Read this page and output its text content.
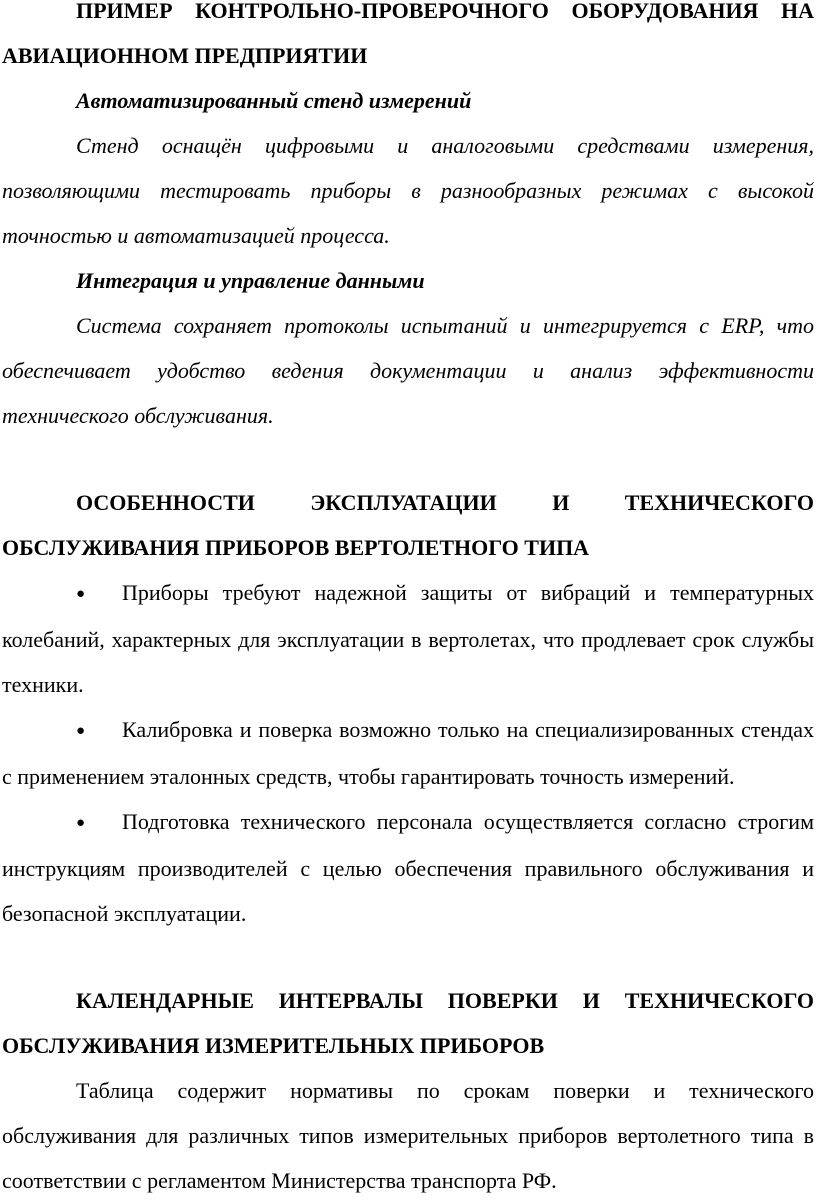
ПРИМЕР КОНТРОЛЬНО-ПРОВЕРОЧНОГО ОБОРУДОВАНИЯ НА АВИАЦИОННОМ ПРЕДПРИЯТИИ

Автоматизированный стенд измерений

Стенд оснащён цифровыми и аналоговыми средствами измерения, позволяющими тестировать приборы в разнообразных режимах с высокой точностью и автоматизацией процесса.

Интеграция и управление данными

Система сохраняет протоколы испытаний и интегрируется с ERP, что обеспечивает удобство ведения документации и анализ эффективности технического обслуживания.

ОСОБЕННОСТИ ЭКСПЛУАТАЦИИ И ТЕХНИЧЕСКОГО ОБСЛУЖИВАНИЯ ПРИБОРОВ ВЕРТОЛЕТНОГО ТИПА

● Приборы требуют надежной защиты от вибраций и температурных колебаний, характерных для эксплуатации в вертолетах, что продлевает срок службы техники.

● Калибровка и поверка возможно только на специализированных стендах с применением эталонных средств, чтобы гарантировать точность измерений.

● Подготовка технического персонала осуществляется согласно строгим инструкциям производителей с целью обеспечения правильного обслуживания и безопасной эксплуатации.

КАЛЕНДАРНЫЕ ИНТЕРВАЛЫ ПОВЕРКИ И ТЕХНИЧЕСКОГО ОБСЛУЖИВАНИЯ ИЗМЕРИТЕЛЬНЫХ ПРИБОРОВ

Таблица содержит нормативы по срокам поверки и технического обслуживания для различных типов измерительных приборов вертолетного типа в соответствии с регламентом Министерства транспорта РФ.
